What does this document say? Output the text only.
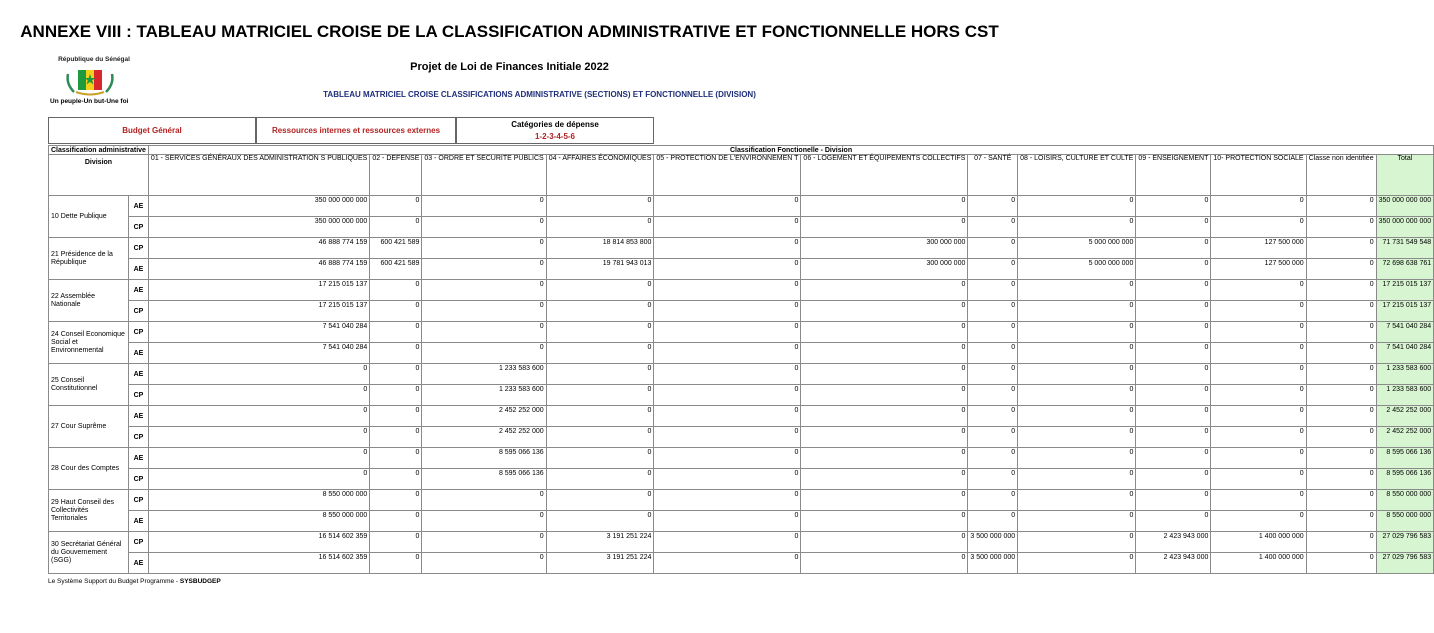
ANNEXE VIII : TABLEAU MATRICIEL CROISE DE LA CLASSIFICATION ADMINISTRATIVE ET FONCTIONNELLE HORS CST
Projet de Loi de Finances Initiale 2022
République du Sénégal
Un peuple-Un but-Une foi
TABLEAU MATRICIEL CROISE CLASSIFICATIONS ADMINISTRATIVE (SECTIONS) ET FONCTIONNELLE (DIVISION)
Budget Général	Ressources internes et ressources externes
Catégories de dépense
1-2-3-4-5-6
Classification administrative		Classification Fonctionelle - Division											
Division		01 - SERVICES GÉNÉRAUX DES ADMINISTRATION S PUBLIQUES	02 - DEFENSE	03 - ORDRE ET SECURITE PUBLICS	04 - AFFAIRES ÉCONOMIQUES	05 - PROTECTION DE L'ENVIRONNEMEN T	06 - LOGEMENT ET ÉQUIPEMENTS COLLECTIFS	07 - SANTÉ	08 - LOISIRS, CULTURE ET CULTE	09 - ENSEIGNEMENT	10- PROTECTION SOCIALE	Classe non identifiée	Total
10 Dette Publique	AE	350 000 000 000	0	0	0	0	0	0	0	0	0	0	350 000 000 000
	CP	350 000 000 000	0	0	0	0	0	0	0	0	0	0	350 000 000 000
21 Présidence de la République	CP	46 888 774 159	600 421 589	0	18 814 853 800	0	300 000 000	0	5 000 000 000	0	127 500 000	0	71 731 549 548
	AE	46 888 774 159	600 421 589	0	19 781 943 013	0	300 000 000	0	5 000 000 000	0	127 500 000	0	72 698 638 761
22 Assemblée Nationale	AE	17 215 015 137	0	0	0	0	0	0	0	0	0	0	17 215 015 137
	CP	17 215 015 137	0	0	0	0	0	0	0	0	0	0	17 215 015 137
24 Conseil Economique Social et Environnemental	CP	7 541 040 284	0	0	0	0	0	0	0	0	0	0	7 541 040 284
	AE	7 541 040 284	0	0	0	0	0	0	0	0	0	0	7 541 040 284
25 Conseil Constitutionnel	AE	0	0	1 233 583 600	0	0	0	0	0	0	0	0	1 233 583 600
	CP	0	0	1 233 583 600	0	0	0	0	0	0	0	0	1 233 583 600
27 Cour Suprême	AE	0	0	2 452 252 000	0	0	0	0	0	0	0	0	2 452 252 000
	CP	0	0	2 452 252 000	0	0	0	0	0	0	0	0	2 452 252 000
28 Cour des Comptes	AE	0	0	8 595 066 136	0	0	0	0	0	0	0	0	8 595 066 136
	CP	0	0	8 595 066 136	0	0	0	0	0	0	0	0	8 595 066 136
29 Haut Conseil des Collectivités Territoriales	CP	8 550 000 000	0	0	0	0	0	0	0	0	0	0	8 550 000 000
	AE	8 550 000 000	0	0	0	0	0	0	0	0	0	0	8 550 000 000
30 Secrétariat Général du Gouvernement (SGG)	CP	16 514 602 359	0	0	3 191 251 224	0	0	3 500 000 000	0	2 423 943 000	1 400 000 000	0	27 029 796 583
	AE	16 514 602 359	0	0	3 191 251 224	0	0	3 500 000 000	0	2 423 943 000	1 400 000 000	0	27 029 796 583
Le Système Support du Budget Programme - SYSBUDGEP
